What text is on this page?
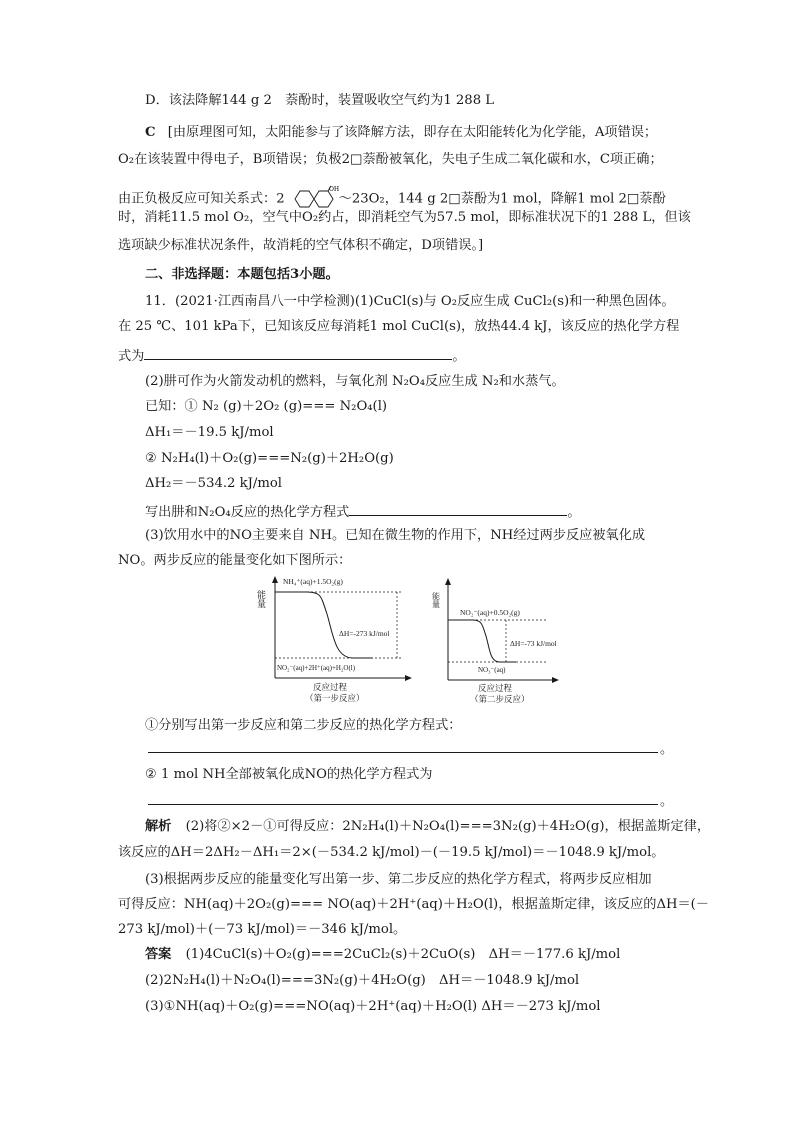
D．该法降解144 g 2　萘酚时，装置吸收空气约为1 288 L
C [由原理图可知，太阳能参与了该降解方法，即存在太阳能转化为化学能，A项错误；
O₂在该装置中得电子，B项错误；负极2□萘酚被氧化，失电子生成二氧化碳和水，C项正确；
由正负极反应可知关系式：2
OH
～23O₂，144 g 2□萘酚为1 mol，降解1 mol 2□萘酚
时，消耗11.5 mol O₂，空气中O₂约占，即消耗空气为57.5 mol，即标准状况下的1 288 L，但该
选项缺少标准状况条件，故消耗的空气体积不确定，D项错误。]
二、非选择题：本题包括3小题。
11．(2021·江西南昌八一中学检测)(1)CuCl(s)与 O₂反应生成 CuCl₂(s)和一种黑色固体。
在 25 ℃、101 kPa下，已知该反应每消耗1 mol CuCl(s)，放热44.4 kJ，该反应的热化学方程
式为	。
(2)肼可作为火箭发动机的燃料，与氧化剂 N₂O₄反应生成 N₂和水蒸气。
已知：① N₂ (g)＋2O₂ (g)=== N₂O₄(l)
ΔH₁＝－19.5 kJ/mol
② N₂H₄(l)＋O₂(g)===N₂(g)＋2H₂O(g)
ΔH₂＝－534.2 kJ/mol
写出肼和N₂O₄反应的热化学方程式	。
(3)饮用水中的NO主要来自 NH。已知在微生物的作用下，NH经过两步反应被氧化成
NO。两步反应的能量变化如下图所示：
能量
NH₄⁺(aq)+1.5O₂(g)
ΔH=-273 kJ/mol
NO₂⁻(aq)+2H⁺(aq)+H₂O(l)
反应过程
（第一步反应）
能量
NO₂⁻(aq)+0.5O₂(g)
ΔH=-73 kJ/mol
NO₃⁻(aq)
反应过程
（第二步反应）
①分别写出第一步反应和第二步反应的热化学方程式：
。
② 1 mol NH全部被氧化成NO的热化学方程式为
。
解析 (2)将②×2－①可得反应：2N₂H₄(l)＋N₂O₄(l)===3N₂(g)＋4H₂O(g)，根据盖斯定律，
该反应的ΔH＝2ΔH₂－ΔH₁＝2×(－534.2 kJ/mol)－(－19.5 kJ/mol)＝－1048.9 kJ/mol。
(3)根据两步反应的能量变化写出第一步、第二步反应的热化学方程式，将两步反应相加
可得反应：NH(aq)＋2O₂(g)=== NO(aq)＋2H⁺(aq)＋H₂O(l)，根据盖斯定律，该反应的ΔH＝(－
273 kJ/mol)＋(－73 kJ/mol)＝－346 kJ/mol。
答案 (1)4CuCl(s)＋O₂(g)===2CuCl₂(s)＋2CuO(s)　ΔH＝－177.6 kJ/mol
(2)2N₂H₄(l)＋N₂O₄(l)===3N₂(g)＋4H₂O(g)　ΔH＝－1048.9 kJ/mol
(3)①NH(aq)＋O₂(g)===NO(aq)＋2H⁺(aq)＋H₂O(l) ΔH＝－273 kJ/mol
